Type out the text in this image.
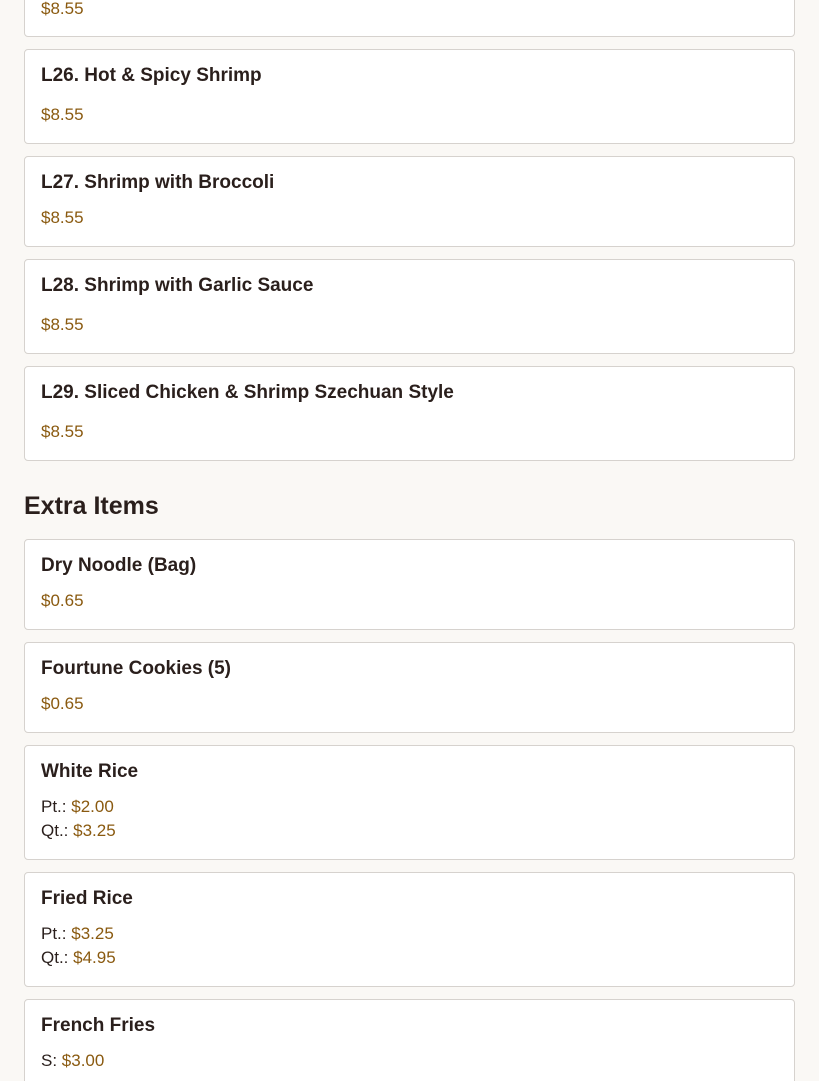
$8.55
L26. Hot & Spicy Shrimp
$8.55
L27. Shrimp with Broccoli
$8.55
L28. Shrimp with Garlic Sauce
$8.55
L29. Sliced Chicken & Shrimp Szechuan Style
$8.55
Extra Items
Dry Noodle (Bag)
$0.65
Fourtune Cookies (5)
$0.65
White Rice
Pt.: $2.00
Qt.: $3.25
Fried Rice
Pt.: $3.25
Qt.: $4.95
French Fries
S: $3.00
